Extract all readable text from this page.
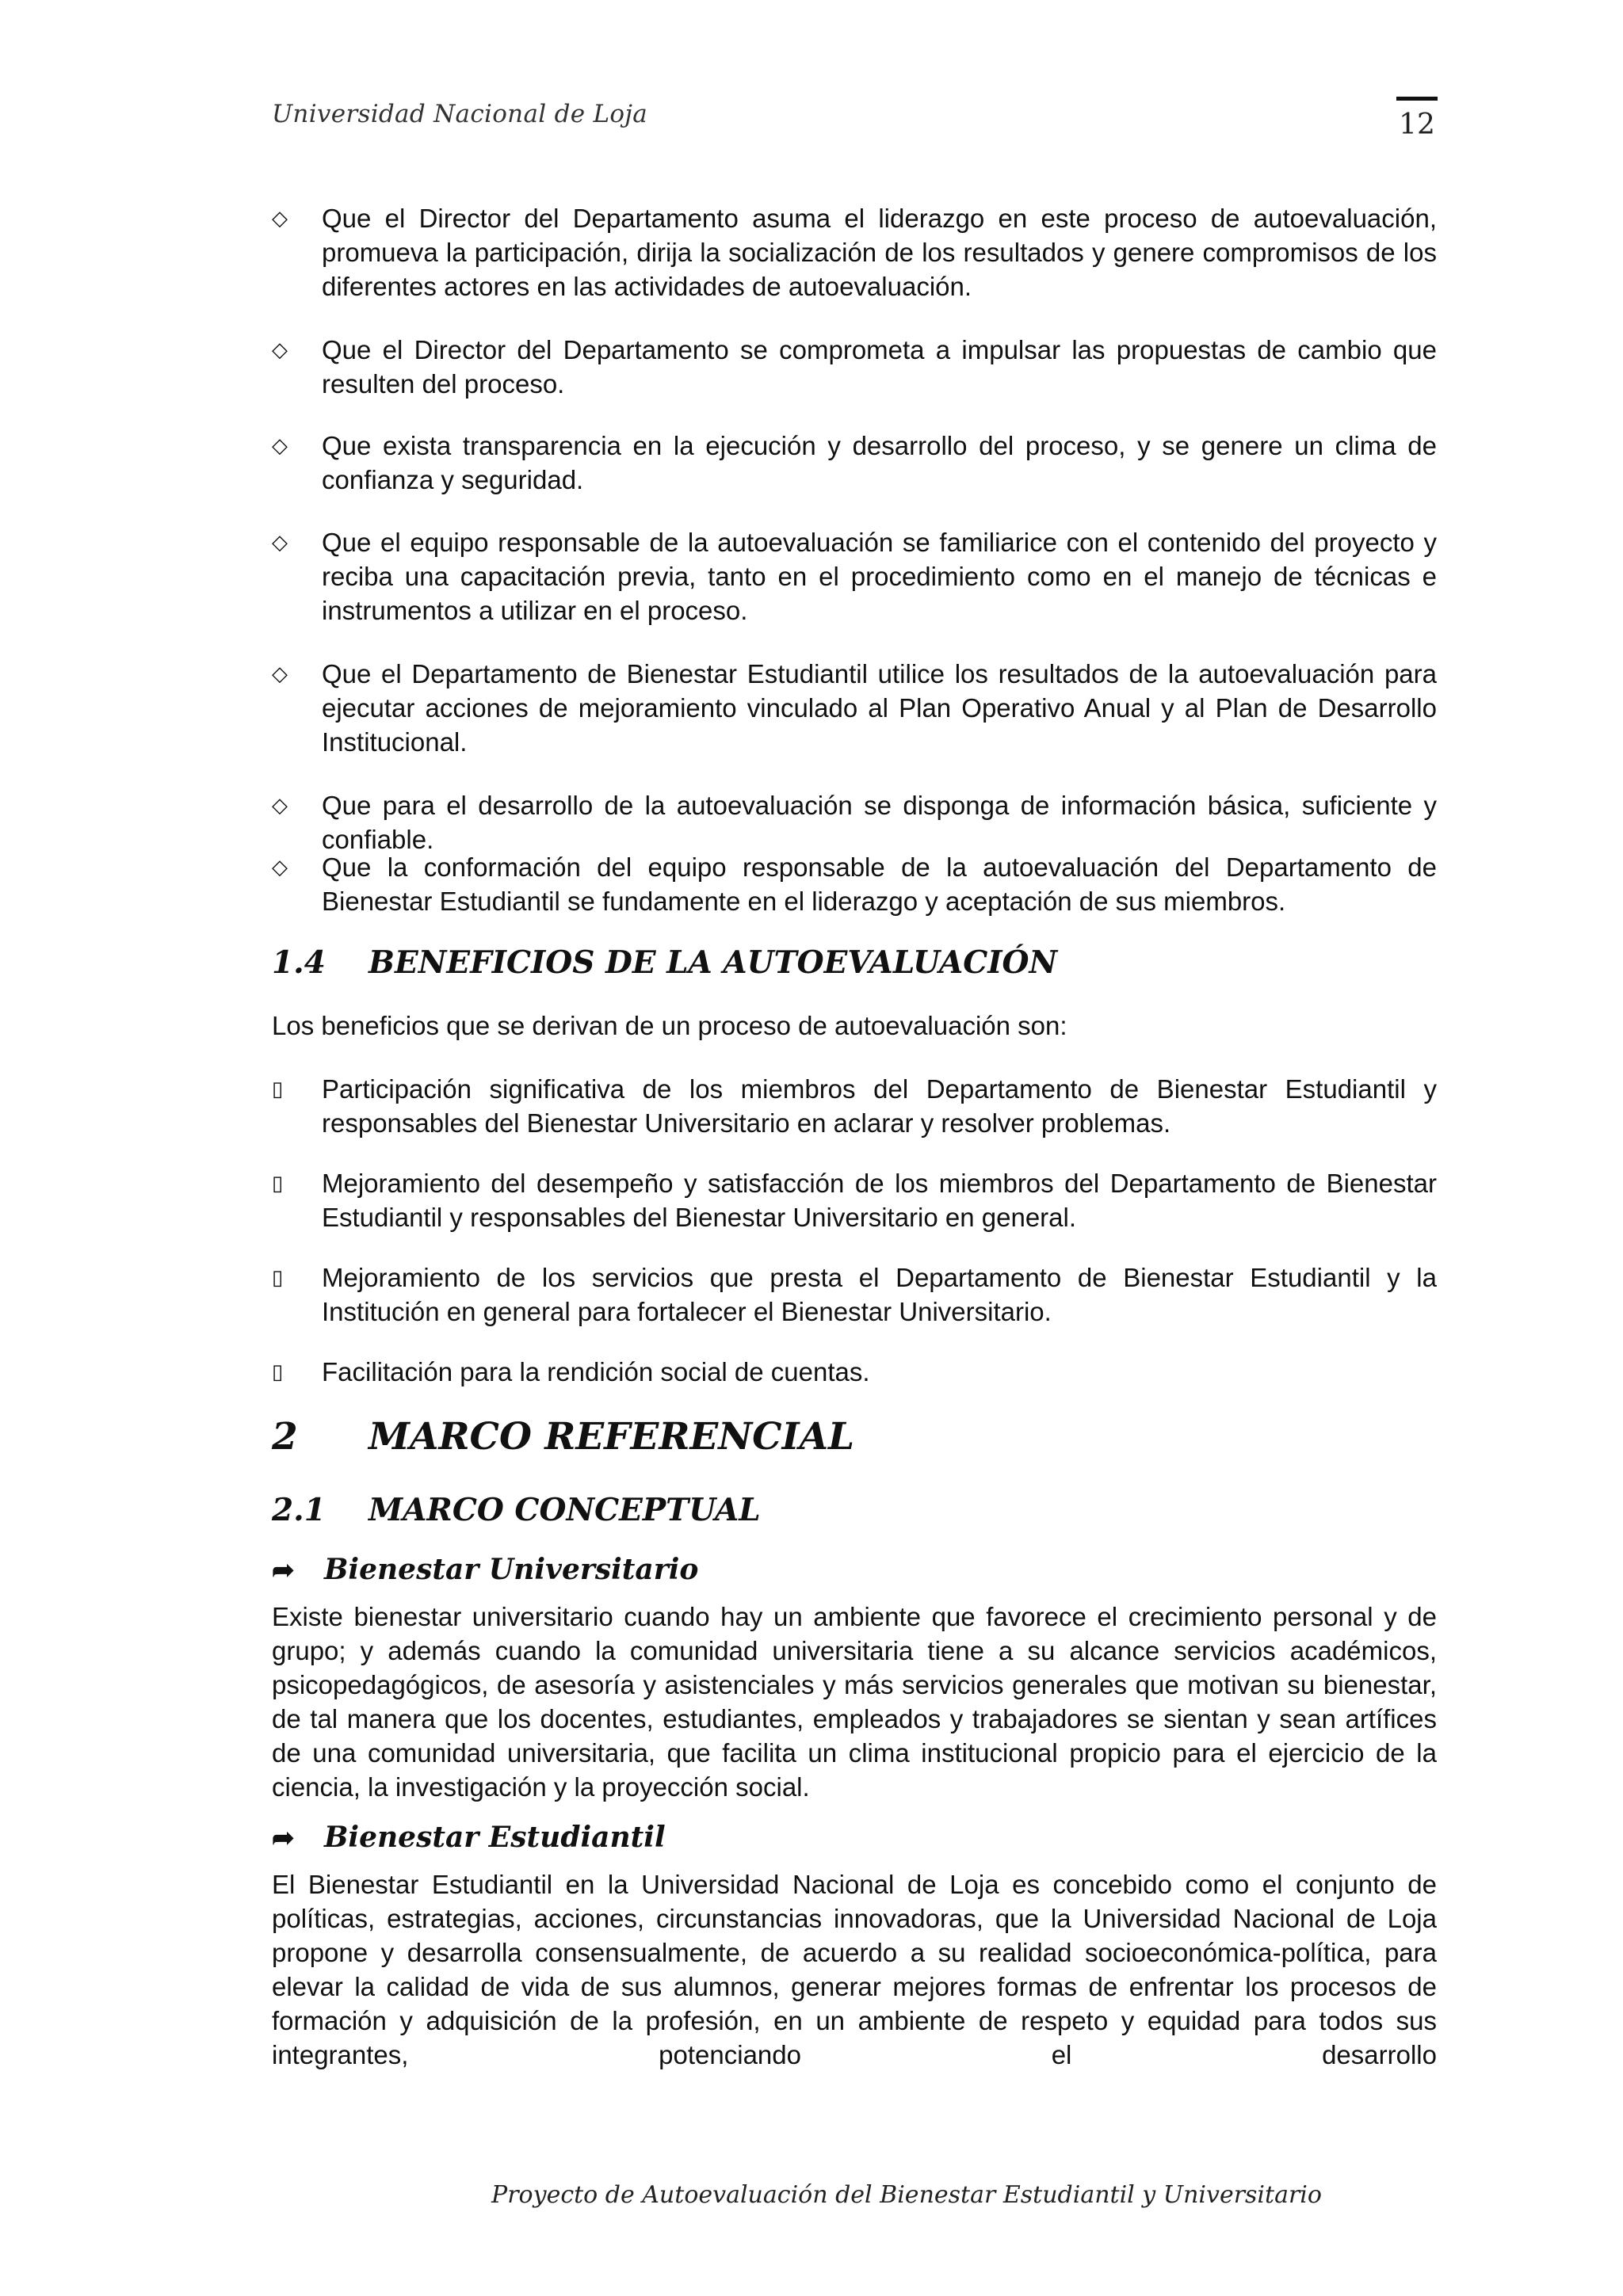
Universidad Nacional de Loja	12
◇	Que el Director del Departamento asuma el liderazgo en este proceso de autoevaluación, promueva la participación, dirija la socialización de los resultados y genere compromisos de los diferentes actores en las actividades de autoevaluación.
◇	Que el Director del Departamento se comprometa a impulsar las propuestas de cambio que resulten del proceso.
◇	Que exista transparencia en la ejecución y desarrollo del proceso, y se genere un clima de confianza y seguridad.
◇	Que el equipo responsable de la autoevaluación se familiarice con el contenido del proyecto y reciba una capacitación previa, tanto en el procedimiento como en el manejo de técnicas e instrumentos a utilizar en el proceso.
◇	Que el Departamento de Bienestar Estudiantil utilice los resultados de la autoevaluación para ejecutar acciones de mejoramiento vinculado al Plan Operativo Anual y al Plan de Desarrollo Institucional.
◇	Que para el desarrollo de la autoevaluación se disponga de información básica, suficiente y confiable.
◇	Que la conformación del equipo responsable de la autoevaluación del Departamento de Bienestar Estudiantil se fundamente en el liderazgo y aceptación de sus miembros.
1.4 BENEFICIOS DE LA AUTOEVALUACIÓN
Los beneficios que se derivan de un proceso de autoevaluación son:
▯	Participación significativa de los miembros del Departamento de Bienestar Estudiantil y responsables del Bienestar Universitario en aclarar y resolver problemas.
▯	Mejoramiento del desempeño y satisfacción de los miembros del Departamento de Bienestar Estudiantil y responsables del Bienestar Universitario en general.
▯	Mejoramiento de los servicios que presta el Departamento de Bienestar Estudiantil y la Institución en general para fortalecer el Bienestar Universitario.
▯	Facilitación para la rendición social de cuentas.
2 MARCO REFERENCIAL
2.1 MARCO CONCEPTUAL
➦ Bienestar Universitario
Existe bienestar universitario cuando hay un ambiente que favorece el crecimiento personal y de grupo; y además cuando la comunidad universitaria tiene a su alcance servicios académicos, psicopedagógicos, de asesoría y asistenciales y más servicios generales que motivan su bienestar, de tal manera que los docentes, estudiantes, empleados y trabajadores se sientan y sean artífices de una comunidad universitaria, que facilita un clima institucional propicio para el ejercicio de la ciencia, la investigación y la proyección social.
➦ Bienestar Estudiantil
El Bienestar Estudiantil en la Universidad Nacional de Loja es concebido como el conjunto de políticas, estrategias, acciones, circunstancias innovadoras, que la Universidad Nacional de Loja propone y desarrolla consensualmente, de acuerdo a su realidad socioeconómica-política, para elevar la calidad de vida de sus alumnos, generar mejores formas de enfrentar los procesos de formación y adquisición de la profesión, en un ambiente de respeto y equidad para todos sus integrantes, potenciando el desarrollo
Proyecto de Autoevaluación del Bienestar Estudiantil y Universitario
